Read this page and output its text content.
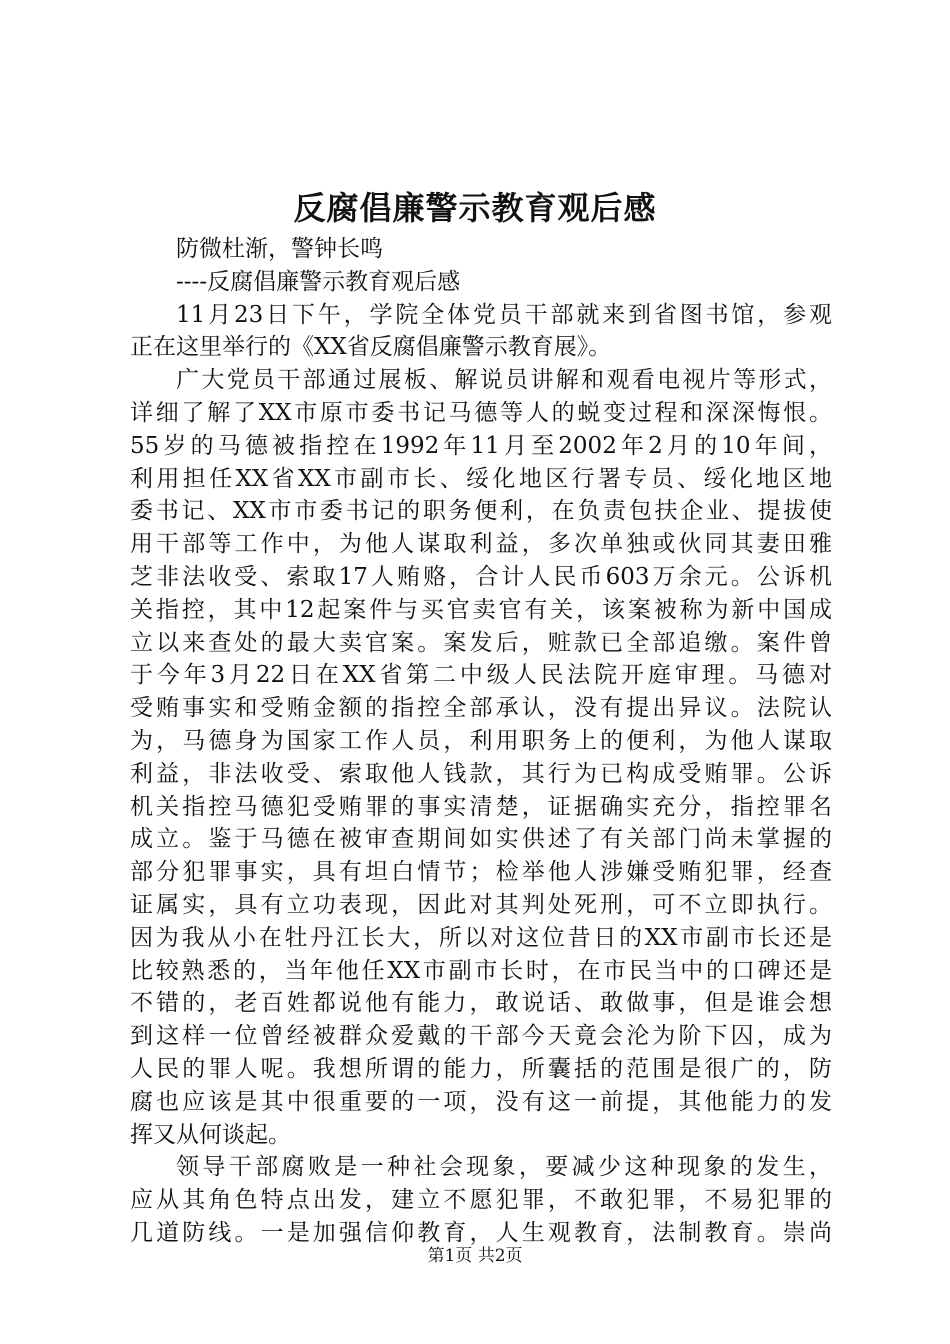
反腐倡廉警示教育观后感
防微杜渐，警钟长鸣
----反腐倡廉警示教育观后感
11月23日下午，学院全体党员干部就来到省图书馆，参观
正在这里举行的《XX省反腐倡廉警示教育展》。
广大党员干部通过展板、解说员讲解和观看电视片等形式，
详细了解了XX市原市委书记马德等人的蜕变过程和深深悔恨。
55岁的马德被指控在1992年11月至2002年2月的10年间，
利用担任XX省XX市副市长、绥化地区行署专员、绥化地区地
委书记、XX市市委书记的职务便利，在负责包扶企业、提拔使
用干部等工作中，为他人谋取利益，多次单独或伙同其妻田雅
芝非法收受、索取17人贿赂，合计人民币603万余元。公诉机
关指控，其中12起案件与买官卖官有关，该案被称为新中国成
立以来查处的最大卖官案。案发后，赃款已全部追缴。案件曾
于今年3月22日在XX省第二中级人民法院开庭审理。马德对
受贿事实和受贿金额的指控全部承认，没有提出异议。法院认
为，马德身为国家工作人员，利用职务上的便利，为他人谋取
利益，非法收受、索取他人钱款，其行为已构成受贿罪。公诉
机关指控马德犯受贿罪的事实清楚，证据确实充分，指控罪名
成立。鉴于马德在被审查期间如实供述了有关部门尚未掌握的
部分犯罪事实，具有坦白情节；检举他人涉嫌受贿犯罪，经查
证属实，具有立功表现，因此对其判处死刑，可不立即执行。
因为我从小在牡丹江长大，所以对这位昔日的XX市副市长还是
比较熟悉的，当年他任XX市副市长时，在市民当中的口碑还是
不错的，老百姓都说他有能力，敢说话、敢做事，但是谁会想
到这样一位曾经被群众爱戴的干部今天竟会沦为阶下囚，成为
人民的罪人呢。我想所谓的能力，所囊括的范围是很广的，防
腐也应该是其中很重要的一项，没有这一前提，其他能力的发
挥又从何谈起。
领导干部腐败是一种社会现象，要减少这种现象的发生，
应从其角色特点出发，建立不愿犯罪，不敢犯罪，不易犯罪的
几道防线。一是加强信仰教育，人生观教育，法制教育。崇尚
第1页 共2页
